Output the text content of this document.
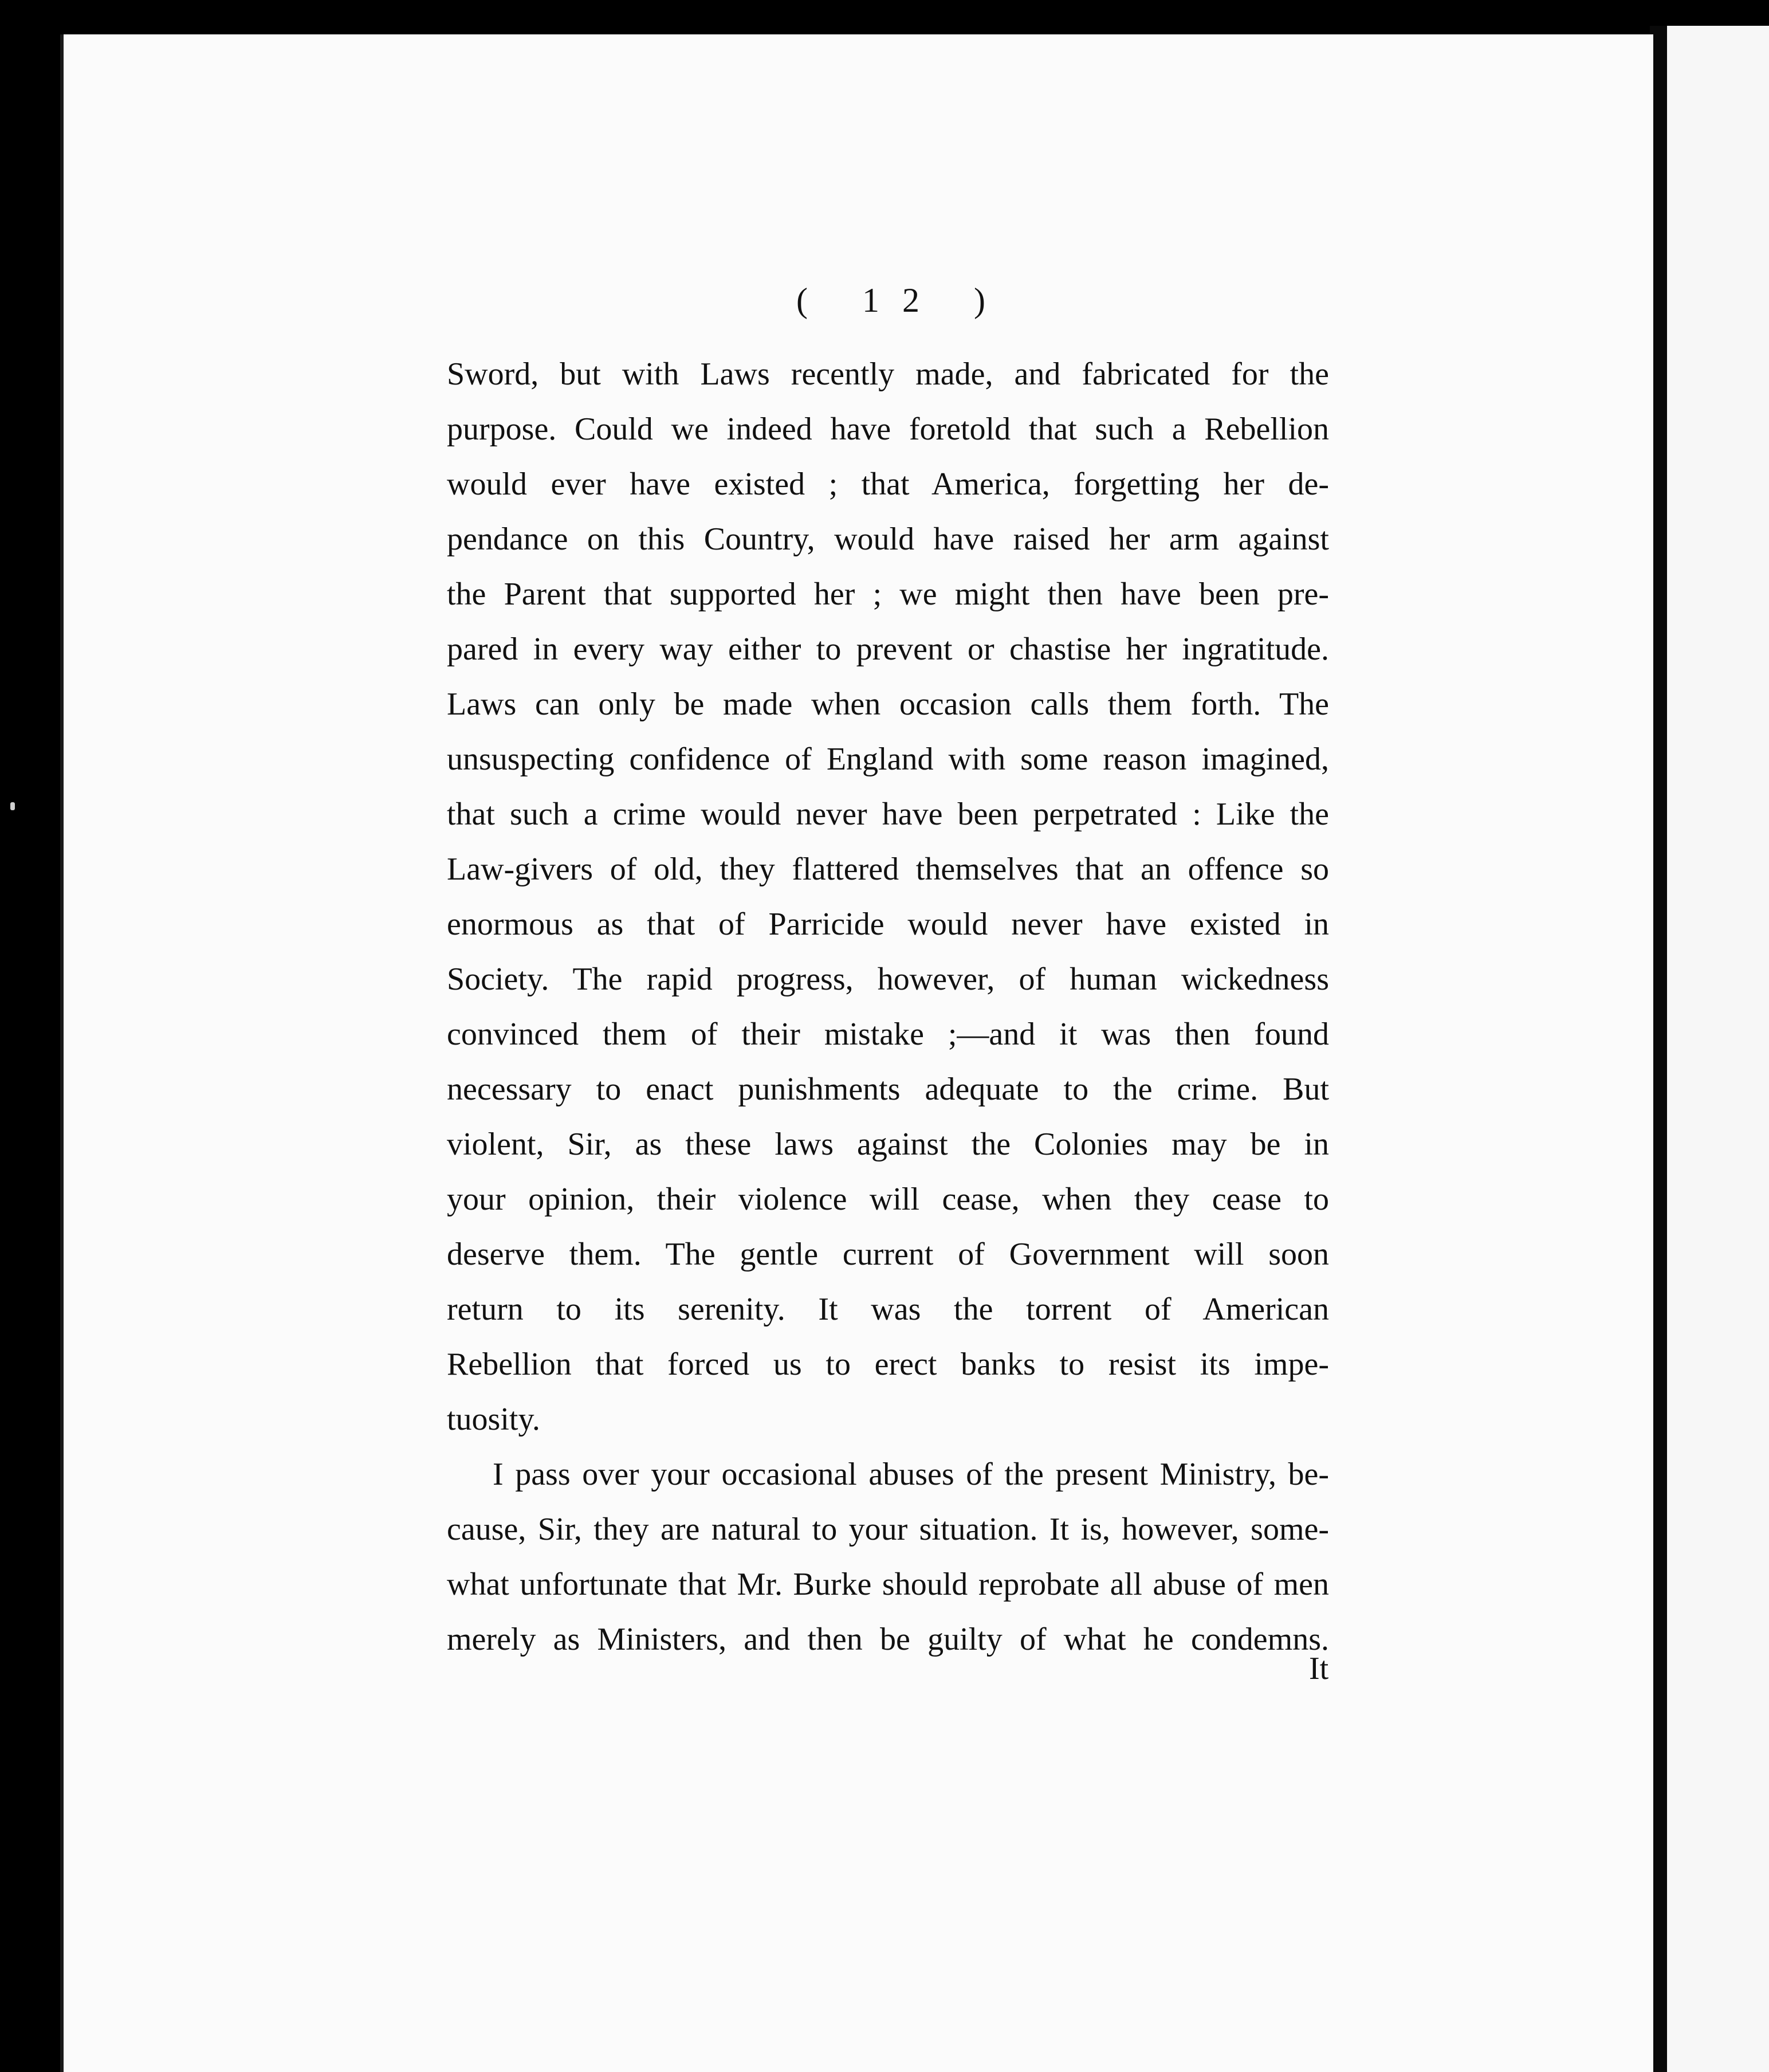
( 12 )
Sword, but with Laws recently made, and fabricated for the
purpose. Could we indeed have foretold that such a Rebellion
would ever have existed ; that America, forgetting her de-
pendance on this Country, would have raised her arm against
the Parent that supported her ; we might then have been pre-
pared in every way either to prevent or chastise her ingratitude.
Laws can only be made when occasion calls them forth. The
unsuspecting confidence of England with some reason imagined,
that such a crime would never have been perpetrated : Like the
Law-givers of old, they flattered themselves that an offence so
enormous as that of Parricide would never have existed in
Society. The rapid progress, however, of human wickedness
convinced them of their mistake ;—and it was then found
necessary to enact punishments adequate to the crime. But
violent, Sir, as these laws against the Colonies may be in
your opinion, their violence will cease, when they cease to
deserve them. The gentle current of Government will soon
return to its serenity. It was the torrent of American
Rebellion that forced us to erect banks to resist its impe-
tuosity.
I pass over your occasional abuses of the present Ministry, be-
cause, Sir, they are natural to your situation. It is, however, some-
what unfortunate that Mr. Burke should reprobate all abuse of men
merely as Ministers, and then be guilty of what he condemns.
It
